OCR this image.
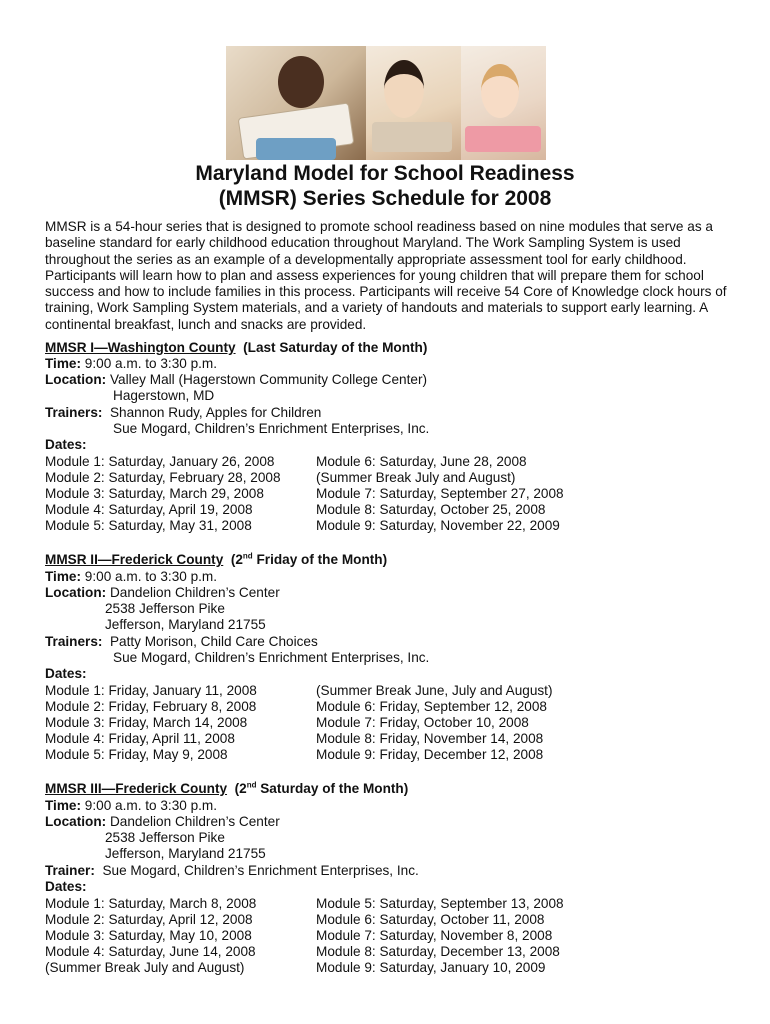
Maryland Model for School Readiness
(MMSR) Series Schedule for 2008

MMSR is a 54-hour series that is designed to promote school readiness based on nine modules that serve as a baseline standard for early childhood education throughout Maryland. The Work Sampling System is used throughout the series as an example of a developmentally appropriate assessment tool for early childhood. Participants will learn how to plan and assess experiences for young children that will prepare them for school success and how to include families in this process. Participants will receive 54 Core of Knowledge clock hours of training, Work Sampling System materials, and a variety of handouts and materials to support early learning. A continental breakfast, lunch and snacks are provided.

MMSR I—Washington County (Last Saturday of the Month)
Time: 9:00 a.m. to 3:30 p.m.
Location: Valley Mall (Hagerstown Community College Center)
Hagerstown, MD
Trainers: Shannon Rudy, Apples for Children
Sue Mogard, Children’s Enrichment Enterprises, Inc.
Dates:
Module 1: Saturday, January 26, 2008
Module 2: Saturday, February 28, 2008
Module 3: Saturday, March 29, 2008
Module 4: Saturday, April 19, 2008
Module 5: Saturday, May 31, 2008
Module 6: Saturday, June 28, 2008
(Summer Break July and August)
Module 7: Saturday, September 27, 2008
Module 8: Saturday, October 25, 2008
Module 9: Saturday, November 22, 2009
MMSR II—Frederick County (2nd Friday of the Month)
Time: 9:00 a.m. to 3:30 p.m.
Location: Dandelion Children’s Center
2538 Jefferson Pike
Jefferson, Maryland 21755
Trainers: Patty Morison, Child Care Choices
Sue Mogard, Children’s Enrichment Enterprises, Inc.
Dates:
Module 1: Friday, January 11, 2008
Module 2: Friday, February 8, 2008
Module 3: Friday, March 14, 2008
Module 4: Friday, April 11, 2008
Module 5: Friday, May 9, 2008
(Summer Break June, July and August)
Module 6: Friday, September 12, 2008
Module 7: Friday, October 10, 2008
Module 8: Friday, November 14, 2008
Module 9: Friday, December 12, 2008
MMSR III—Frederick County (2nd Saturday of the Month)
Time: 9:00 a.m. to 3:30 p.m.
Location: Dandelion Children’s Center
2538 Jefferson Pike
Jefferson, Maryland 21755
Trainer: Sue Mogard, Children’s Enrichment Enterprises, Inc.
Dates:
Module 1: Saturday, March 8, 2008
Module 2: Saturday, April 12, 2008
Module 3: Saturday, May 10, 2008
Module 4: Saturday, June 14, 2008
(Summer Break July and August)
Module 5: Saturday, September 13, 2008
Module 6: Saturday, October 11, 2008
Module 7: Saturday, November 8, 2008
Module 8: Saturday, December 13, 2008
Module 9: Saturday, January 10, 2009
